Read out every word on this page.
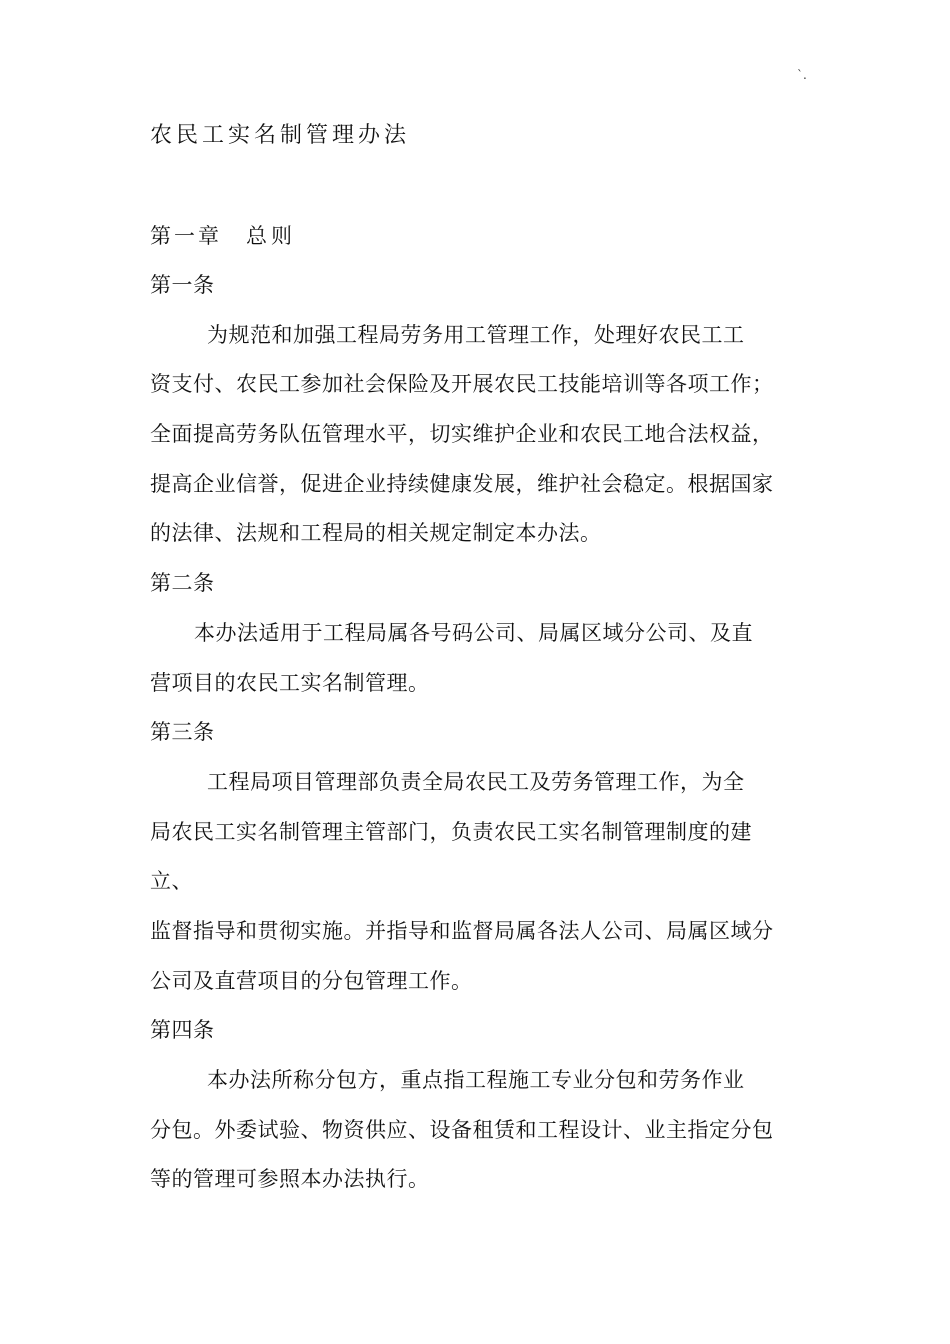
`.
农民工实名制管理办法
第一章 总则
第一条
为规范和加强工程局劳务用工管理工作，处理好农民工工
资支付、农民工参加社会保险及开展农民工技能培训等各项工作；
全面提高劳务队伍管理水平，切实维护企业和农民工地合法权益，
提高企业信誉，促进企业持续健康发展，维护社会稳定。根据国家
的法律、法规和工程局的相关规定制定本办法。
第二条
本办法适用于工程局属各号码公司、局属区域分公司、及直
营项目的农民工实名制管理。
第三条
工程局项目管理部负责全局农民工及劳务管理工作，为全
局农民工实名制管理主管部门，负责农民工实名制管理制度的建
立、
监督指导和贯彻实施。并指导和监督局属各法人公司、局属区域分
公司及直营项目的分包管理工作。
第四条
本办法所称分包方，重点指工程施工专业分包和劳务作业
分包。外委试验、物资供应、设备租赁和工程设计、业主指定分包
等的管理可参照本办法执行。
